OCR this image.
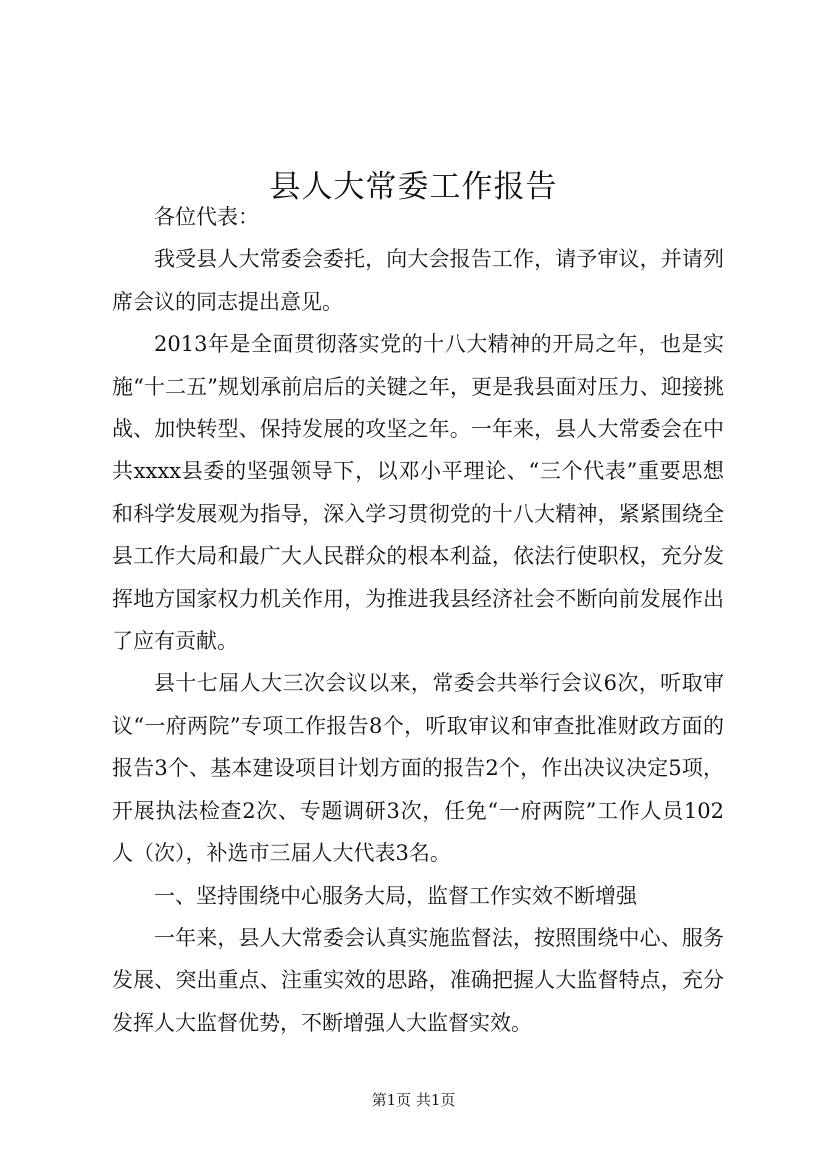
县人大常委工作报告

各位代表：

我受县人大常委会委托，向大会报告工作，请予审议，并请列席会议的同志提出意见。

2013年是全面贯彻落实党的十八大精神的开局之年，也是实施“十二五”规划承前启后的关键之年，更是我县面对压力、迎接挑战、加快转型、保持发展的攻坚之年。一年来，县人大常委会在中共xxxx县委的坚强领导下，以邓小平理论、“三个代表”重要思想和科学发展观为指导，深入学习贯彻党的十八大精神，紧紧围绕全县工作大局和最广大人民群众的根本利益，依法行使职权，充分发挥地方国家权力机关作用，为推进我县经济社会不断向前发展作出了应有贡献。

县十七届人大三次会议以来，常委会共举行会议6次，听取审议“一府两院”专项工作报告8个，听取审议和审查批准财政方面的报告3个、基本建设项目计划方面的报告2个，作出决议决定5项，开展执法检查2次、专题调研3次，任免“一府两院”工作人员102人（次），补选市三届人大代表3名。

一、坚持围绕中心服务大局，监督工作实效不断增强

一年来，县人大常委会认真实施监督法，按照围绕中心、服务发展、突出重点、注重实效的思路，准确把握人大监督特点，充分发挥人大监督优势，不断增强人大监督实效。

第1页 共1页
